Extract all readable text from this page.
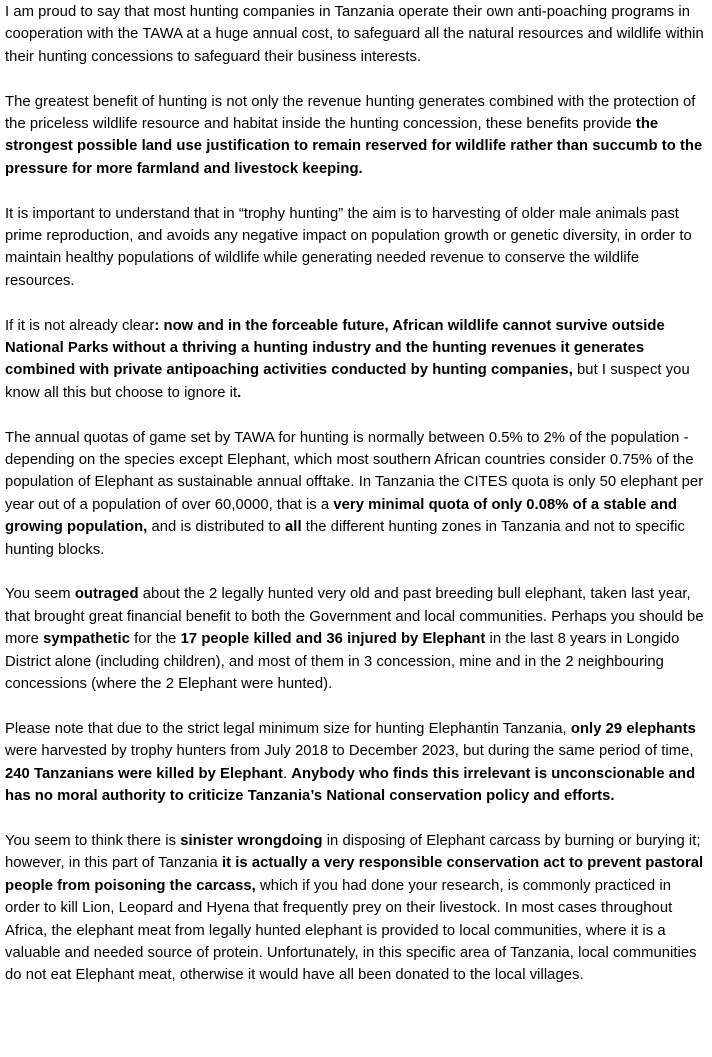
I am proud to say that most hunting companies in Tanzania operate their own anti-poaching programs in cooperation with the TAWA at a huge annual cost, to safeguard all the natural resources and wildlife within their hunting concessions to safeguard their business interests.

The greatest benefit of hunting is not only the revenue hunting generates combined with the protection of the priceless wildlife resource and habitat inside the hunting concession, these benefits provide the strongest possible land use justification to remain reserved for wildlife rather than succumb to the pressure for more farmland and livestock keeping.

It is important to understand that in “trophy hunting” the aim is to harvesting of older male animals past prime reproduction, and avoids any negative impact on population growth or genetic diversity, in order to maintain healthy populations of wildlife while generating needed revenue to conserve the wildlife resources.

If it is not already clear: now and in the forceable future, African wildlife cannot survive outside National Parks without a thriving a hunting industry and the hunting revenues it generates combined with private antipoaching activities conducted by hunting companies, but I suspect you know all this but choose to ignore it.

The annual quotas of game set by TAWA for hunting is normally between 0.5% to 2% of the population - depending on the species except Elephant, which most southern African countries consider 0.75% of the population of Elephant as sustainable annual offtake. In Tanzania the CITES quota is only 50 elephant per year out of a population of over 60,0000, that is a very minimal quota of only 0.08% of a stable and growing population, and is distributed to all the different hunting zones in Tanzania and not to specific hunting blocks.

You seem outraged about the 2 legally hunted very old and past breeding bull elephant, taken last year, that brought great financial benefit to both the Government and local communities. Perhaps you should be more sympathetic for the 17 people killed and 36 injured by Elephant in the last 8 years in Longido District alone (including children), and most of them in 3 concession, mine and in the 2 neighbouring concessions (where the 2 Elephant were hunted).

Please note that due to the strict legal minimum size for hunting Elephantin Tanzania, only 29 elephants were harvested by trophy hunters from July 2018 to December 2023, but during the same period of time, 240 Tanzanians were killed by Elephant. Anybody who finds this irrelevant is unconscionable and has no moral authority to criticize Tanzania’s National conservation policy and efforts.

You seem to think there is sinister wrongdoing in disposing of Elephant carcass by burning or burying it; however, in this part of Tanzania it is actually a very responsible conservation act to prevent pastoral people from poisoning the carcass, which if you had done your research, is commonly practiced in order to kill Lion, Leopard and Hyena that frequently prey on their livestock. In most cases throughout Africa, the elephant meat from legally hunted elephant is provided to local communities, where it is a valuable and needed source of protein. Unfortunately, in this specific area of Tanzania, local communities do not eat Elephant meat, otherwise it would have all been donated to the local villages.
